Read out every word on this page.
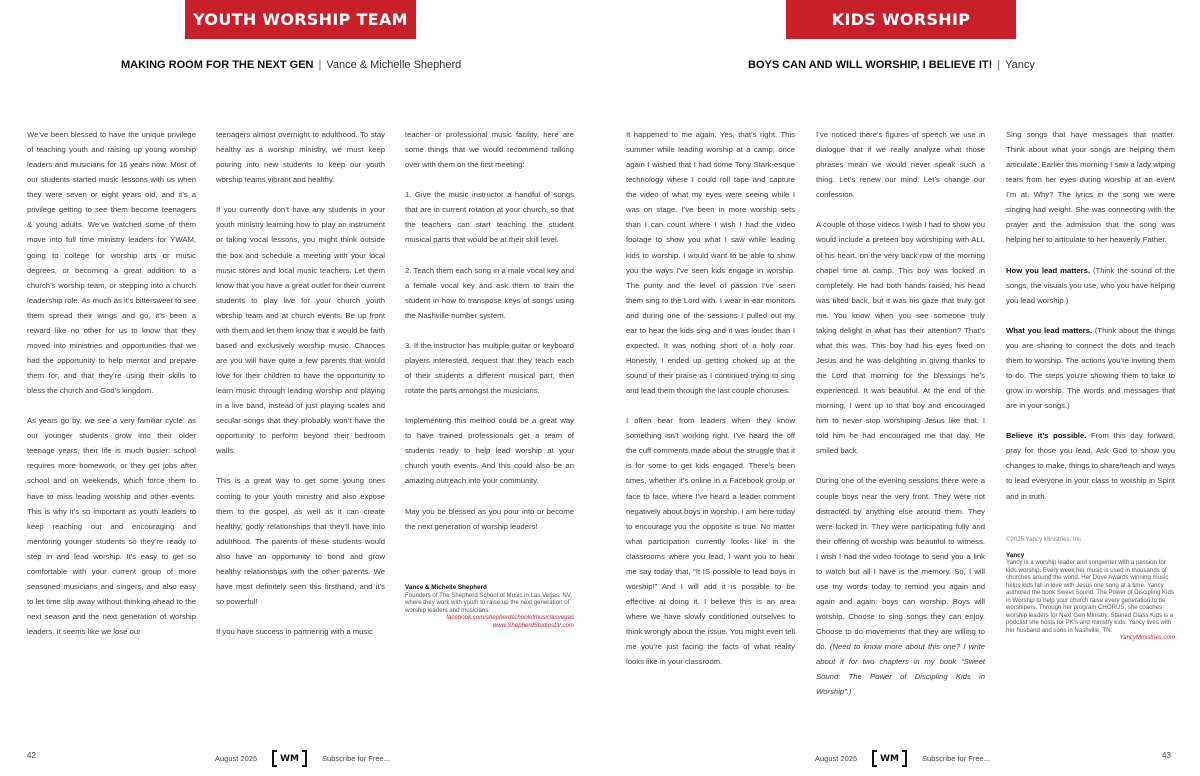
YOUTH WORSHIP TEAM	KIDS WORSHIP
MAKING ROOM FOR THE NEXT GEN | Vance & Michelle Shepherd	BOYS CAN AND WILL WORSHIP, I BELIEVE IT! | Yancy

We’ve been blessed to have the unique privilege of teaching youth and raising up young worship leaders and musicians for 16 years now. Most of our students started music lessons with us when they were seven or eight years old, and it’s a privilege getting to see them become teenagers & young adults. We’ve watched some of them move into full time ministry leaders for YWAM, going to college for worship arts or music degrees, or becoming a great addition to a church’s worship team, or stepping into a church leadership role. As much as it’s bittersweet to see them spread their wings and go, it’s been a reward like no other for us to know that they moved into ministries and opportunities that we had the opportunity to help mentor and prepare them for, and that they’re using their skills to bless the church and God’s kingdom.

As years go by, we see a very familiar cycle: as our younger students grow into their older teenage years, their life is much busier: school requires more homework, or they get jobs after school and on weekends, which force them to have to miss leading worship and other events. This is why it’s so important as youth leaders to keep reaching out and encouraging and mentoring younger students so they’re ready to step in and lead worship. It’s easy to get so comfortable with your current group of more seasoned musicians and singers, and also easy to let time slip away without thinking ahead to the next season and the next generation of worship leaders. It seems like we lose our

teenagers almost overnight to adulthood. To stay healthy as a worship ministry, we must keep pouring into new students to keep our youth worship teams vibrant and healthy.

If you currently don’t have any students in your youth ministry learning how to play an instrument or taking vocal lessons, you might think outside the box and schedule a meeting with your local music stores and local music teachers. Let them know that you have a great outlet for their current students to play live for your church youth worship team and at church events. Be up front with them and let them know that it would be faith based and exclusively worship music. Chances are you will have quite a few parents that would love for their children to have the opportunity to learn music through leading worship and playing in a live band, instead of just playing scales and secular songs that they probably won’t have the opportunity to perform beyond their bedroom walls.

This is a great way to get some young ones coming to your youth ministry and also expose them to the gospel, as well as it can create healthy, godly relationships that they’ll have into adulthood. The parents of these students would also have an opportunity to bond and grow healthy relationships with the other parents. We have most definitely seen this firsthand, and it’s so powerful!

If you have success in partnering with a music

teacher or professional music facility, here are some things that we would recommend talking over with them on the first meeting:

1. Give the music instructor a handful of songs that are in current rotation at your church, so that the teachers can start teaching the student musical parts that would be at their skill level.

2. Teach them each song in a male vocal key and a female vocal key and ask them to train the student in how to transpose keys of songs using the Nashville number system.

3. If the instructor has multiple guitar or keyboard players interested, request that they teach each of their students a different musical part, then rotate the parts amongst the musicians.

Implementing this method could be a great way to have trained professionals get a team of students ready to help lead worship at your church youth events. And this could also be an amazing outreach into your community.

May you be blessed as you pour into or become the next generation of worship leaders!

It happened to me again. Yes, that’s right. This summer while leading worship at a camp, once again I wished that I had some Tony Stark-esque technology where I could roll tape and capture the video of what my eyes were seeing while I was on stage. I’ve been in more worship sets than I can count where I wish I had the video footage to show you what I saw while leading kids to worship. I would want to be able to show you the ways I’ve seen kids engage in worship. The purity and the level of passion I’ve seen them sing to the Lord with. I wear in-ear monitors and during one of the sessions I pulled out my ear to hear the kids sing and it was louder than I expected. It was nothing short of a holy roar. Honestly, I ended up getting choked up at the sound of their praise as I continued trying to sing and lead them through the last couple choruses.

I often hear from leaders when they know something isn’t working right. I’ve heard the off the cuff comments made about the struggle that it is for some to get kids engaged. There’s been times, whether it’s online in a Facebook group or face to face, where I’ve heard a leader comment negatively about boys in worship. I am here today to encourage you the opposite is true. No matter what participation currently looks like in the classrooms where you lead, I want you to hear me say today that, “It IS possible to lead boys in worship!” And I will add it is possible to be effective at doing it. I believe this is an area where we have slowly conditioned ourselves to think wrongly about the issue. You might even tell me you’re just facing the facts of what reality looks like in your classroom.

I’ve noticed there’s figures of speech we use in dialogue that if we really analyze what those phrases mean we would never speak such a thing. Let’s renew our mind. Let’s change our confession.

A couple of those videos I wish I had to show you would include a preteen boy worshiping with ALL of his heart, on the very back row of the morning chapel time at camp. This boy was locked in completely. He had both hands raised, his head was tilted back, but it was his gaze that truly got me. You know when you see someone truly taking delight in what has their attention? That’s what this was. This boy had his eyes fixed on Jesus and he was delighting in giving thanks to the Lord that morning for the blessings he’s experienced. It was beautiful. At the end of the morning, I went up to that boy and encouraged him to never stop worshiping Jesus like that. I told him he had encouraged me that day. He smiled back.

During one of the evening sessions there were a couple boys near the very front. They were not distracted by anything else around them. They were locked in. They were participating fully and their offering of worship was beautiful to witness. I wish I had the video footage to send you a link to watch but all I have is the memory. So, I will use my words today to remind you again and again and again: boys can worship. Boys will worship. Choose to sing songs they can enjoy. Choose to do movements that they are willing to do. (Need to know more about this one? I write about it for two chapters in my book “Sweet Sound: The Power of Discipling Kids in Worship”.)

Sing songs that have messages that matter. Think about what your songs are helping them articulate. Earlier this morning I saw a lady wiping tears from her eyes during worship at an event I’m at. Why? The lyrics in the song we were singing had weight. She was connecting with the prayer and the admission that the song was helping her to articulate to her heavenly Father.

How you lead matters. (Think the sound of the songs, the visuals you use, who you have helping you lead worship.)

What you lead matters. (Think about the things you are sharing to connect the dots and teach them to worship. The actions you’re inviting them to do. The steps you’re showing them to take to grow in worship. The words and messages that are in your songs.)

Believe it’s possible. From this day forward, pray for those you lead. Ask God to show you changes to make, things to share/teach and ways to lead everyone in your class to worship in Spirit and in truth.

Vance & Michelle Shepherd
Founders of The Shepherd School of Music in Las Vegas, NV, where they work with youth to raise up the next generation of worship leaders and musicians.
facebook.com/shepherdschoolofmusiclasvegas
www.ShepherdStudiosLV.com
©2025 Yancy Ministries, Inc.
Yancy
Yancy is a worship leader and songwriter with a passion for kids worship. Every week her music is used in thousands of churches around the world. Her Dove Awards winning music helps kids fall in love with Jesus one song at a time. Yancy authored the book Sweet Sound: The Power of Discipling Kids in Worship to help your church raise every generation to be worshipers. Through her program CHORUS, she coaches worship leaders for Next Gen Ministry. Stained Glass Kids is a podcast she hosts for PK’s and ministry kids. Yancy lives with her husband and sons in Nashville, TN.
YancyMinistries.com
42	43
August 2025	WM	Subscribe for Free...	August 2025	WM	Subscribe for Free...
